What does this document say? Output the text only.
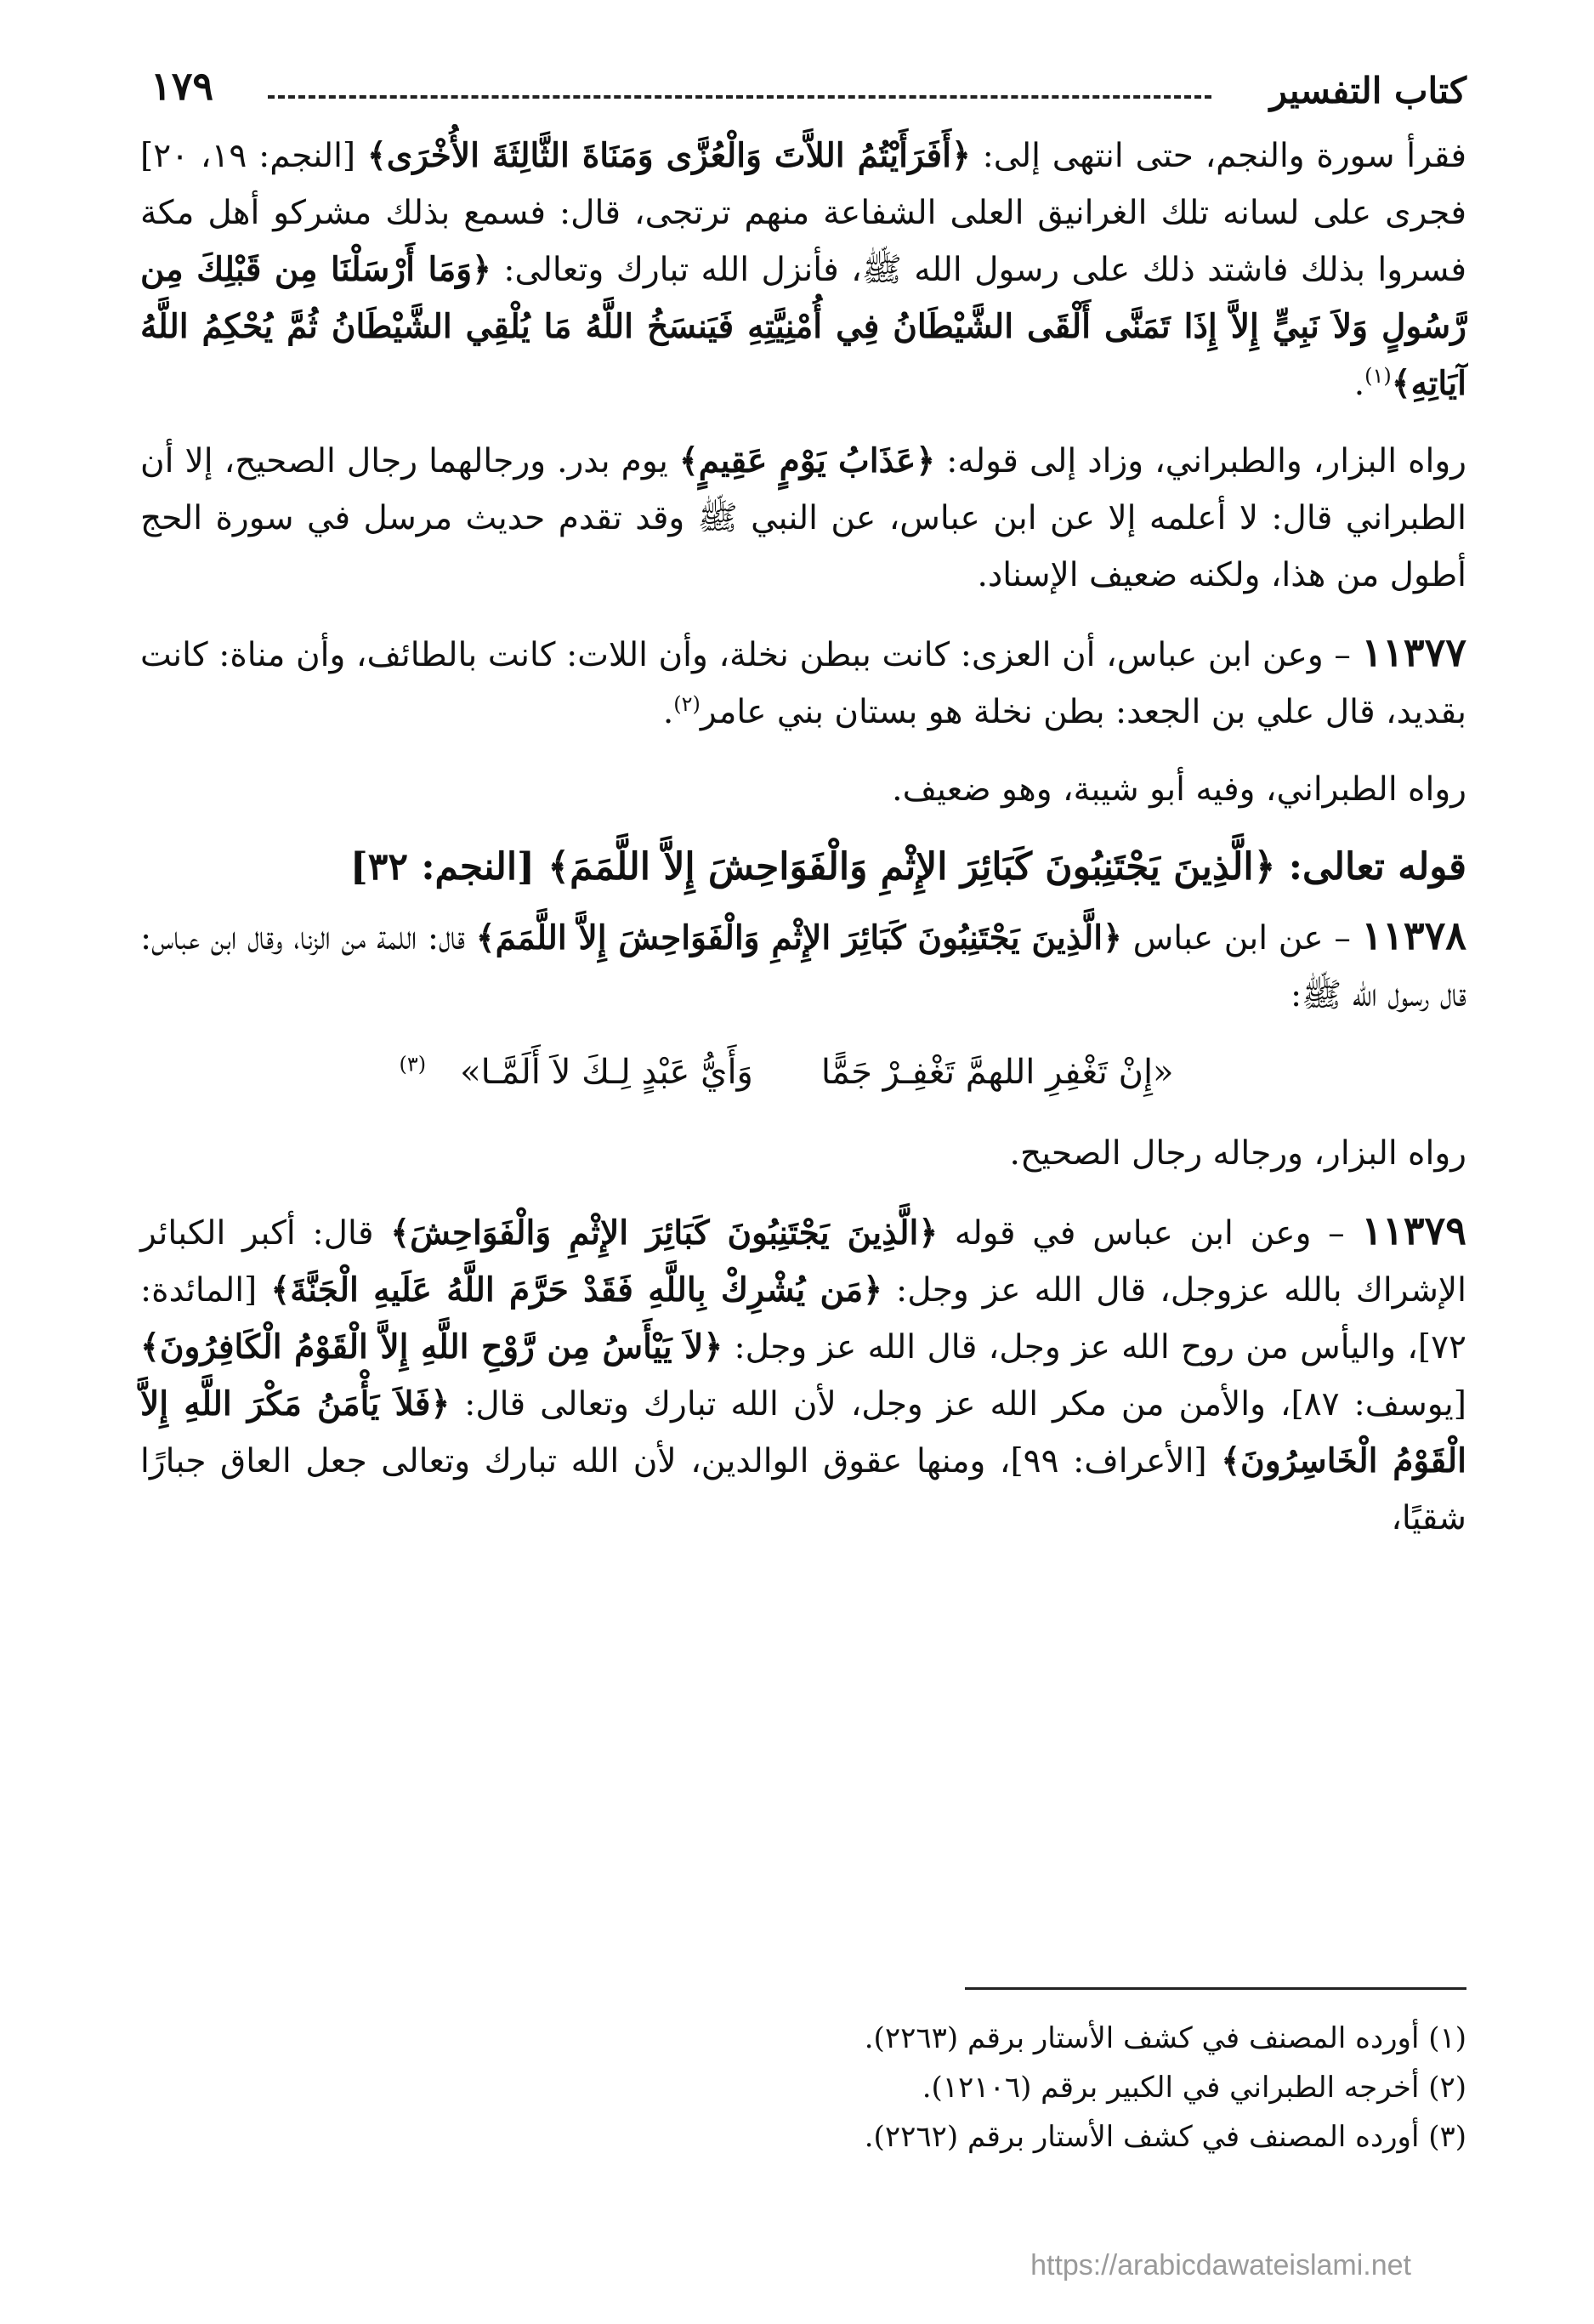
كتاب التفسير
١٧٩

فقرأ سورة والنجم، حتى انتهى إلى: ﴿أَفَرَأَيْتُمُ اللاَّتَ وَالْعُزَّى وَمَنَاةَ الثَّالِثَةَ الأُخْرَى﴾ [النجم: ١٩، ٢٠] فجرى على لسانه تلك الغرانيق العلى الشفاعة منهم ترتجى، قال: فسمع بذلك مشركو أهل مكة فسروا بذلك فاشتد ذلك على رسول الله ﷺ، فأنزل الله تبارك وتعالى: ﴿وَمَا أَرْسَلْنَا مِن قَبْلِكَ مِن رَّسُولٍ وَلاَ نَبِيٍّ إِلاَّ إِذَا تَمَنَّى أَلْقَى الشَّيْطَانُ فِي أُمْنِيَّتِهِ فَيَنسَخُ اللَّهُ مَا يُلْقِي الشَّيْطَانُ ثُمَّ يُحْكِمُ اللَّهُ آيَاتِهِ﴾$^{(١)}$.

رواه البزار، والطبراني، وزاد إلى قوله: ﴿عَذَابُ يَوْمٍ عَقِيمٍ﴾ يوم بدر. ورجالهما رجال الصحيح، إلا أن الطبراني قال: لا أعلمه إلا عن ابن عباس، عن النبي ﷺ وقد تقدم حديث مرسل في سورة الحج أطول من هذا، ولكنه ضعيف الإسناد.

١١٣٧٧ – وعن ابن عباس، أن العزى: كانت ببطن نخلة، وأن اللات: كانت بالطائف، وأن مناة: كانت بقديد، قال علي بن الجعد: بطن نخلة هو بستان بني عامر$^{(٢)}$.

رواه الطبراني، وفيه أبو شيبة، وهو ضعيف.

قوله تعالى: ﴿الَّذِينَ يَجْتَنِبُونَ كَبَائِرَ الإِثْمِ وَالْفَوَاحِشَ إِلاَّ اللَّمَمَ﴾ [النجم: ٣٢]

١١٣٧٨ – عن ابن عباس ﴿الَّذِينَ يَجْتَنِبُونَ كَبَائِرَ الإِثْمِ وَالْفَوَاحِشَ إِلاَّ اللَّمَمَ﴾ قال: اللمة من الزنا، وقال ابن عباس: قال رسول الله ﷺ:

«إِنْ تَغْفِرِ اللهمَّ تَغْفِـرْ جَمًّاوَأَيُّ عَبْدٍ لِـكَ لاَ أَلَمَّـا»$^{(٣)}$

رواه البزار، ورجاله رجال الصحيح.

١١٣٧٩ – وعن ابن عباس في قوله ﴿الَّذِينَ يَجْتَنِبُونَ كَبَائِرَ الإِثْمِ وَالْفَوَاحِشَ﴾ قال: أكبر الكبائر الإشراك بالله عزوجل، قال الله عز وجل: ﴿مَن يُشْرِكْ بِاللَّهِ فَقَدْ حَرَّمَ اللَّهُ عَلَيهِ الْجَنَّةَ﴾ [المائدة: ٧٢]، واليأس من روح الله عز وجل، قال الله عز وجل: ﴿لاَ يَيْأَسُ مِن رَّوْحِ اللَّهِ إِلاَّ الْقَوْمُ الْكَافِرُونَ﴾ [يوسف: ٨٧]، والأمن من مكر الله عز وجل، لأن الله تبارك وتعالى قال: ﴿فَلاَ يَأْمَنُ مَكْرَ اللَّهِ إِلاَّ الْقَوْمُ الْخَاسِرُونَ﴾ [الأعراف: ٩٩]، ومنها عقوق الوالدين، لأن الله تبارك وتعالى جعل العاق جبارًا شقيًا،

(١) أورده المصنف في كشف الأستار برقم (٢٢٦٣).
(٢) أخرجه الطبراني في الكبير برقم (١٢١٠٦).
(٣) أورده المصنف في كشف الأستار برقم (٢٢٦٢).
https://arabicdawateislami.net
